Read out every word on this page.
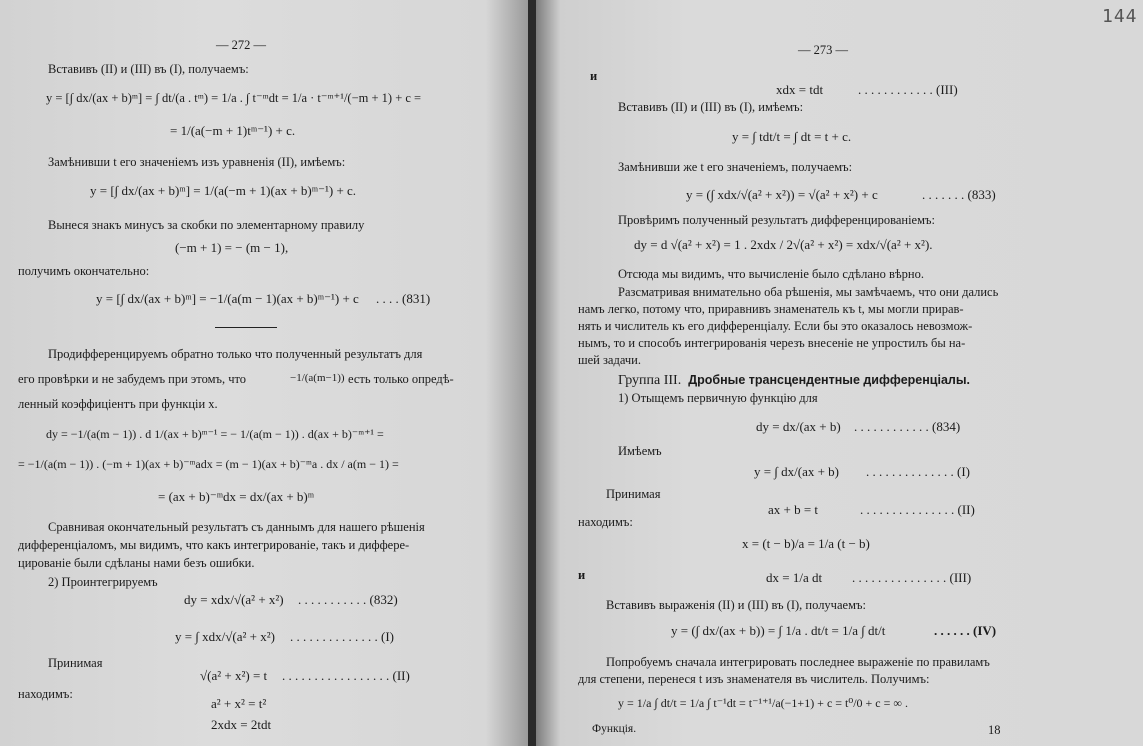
— 272 —
Вставивъ (II) и (III) въ (I), получаемъ:
y = [∫ dx/(ax + b)ᵐ] = ∫ dt/(a . tᵐ) = 1/a . ∫ t⁻ᵐdt = 1/a · t⁻ᵐ⁺¹/(−m + 1) + c =
= 1/(a(−m + 1)tᵐ⁻¹) + c.
Замѣнивши t его значеніемъ изъ уравненія (II), имѣемъ:
y = [∫ dx/(ax + b)ᵐ] = 1/(a(−m + 1)(ax + b)ᵐ⁻¹) + c.
Вынеся знакъ минусъ за скобки по элементарному правилу
(−m + 1) = − (m − 1),
получимъ окончательно:
y = [∫ dx/(ax + b)ᵐ] = −1/(a(m − 1)(ax + b)ᵐ⁻¹) + c . . . . (831)
Продифференцируемъ обратно только что полученный результатъ для
его провѣрки и не забудемъ при этомъ, что	−1/(a(m−1)) есть только опредѣ-
ленный коэффиціентъ при функціи x.
dy = −1/(a(m − 1)) . d 1/(ax + b)ᵐ⁻¹ = − 1/(a(m − 1)) . d(ax + b)⁻ᵐ⁺¹ =
= −1/(a(m − 1)) . (−m + 1)(ax + b)⁻ᵐadx = (m − 1)(ax + b)⁻ᵐa . dx / a(m − 1) =
= (ax + b)⁻ᵐdx = dx/(ax + b)ᵐ
Сравнивая окончательный результатъ съ даннымъ для нашего рѣшенія
дифференціаломъ, мы видимъ, что какъ интегрированіе, такъ и диффере-
цированіе были сдѣланы нами безъ ошибки.
2) Проинтегрируемъ
dy = xdx/√(a² + x²) . . . . . . . . . . . (832)
y = ∫ xdx/√(a² + x²) . . . . . . . . . . . . . . (I)
Принимая
√(a² + x²) = t . . . . . . . . . . . . . . . . . (II)
находимъ:
a² + x² = t²
2xdx = 2tdt
— 273 —
144
и
xdx = tdt	. . . . . . . . . . . . (III)
Вставивъ (II) и (III) въ (I), имѣемъ:
y = ∫ tdt/t = ∫ dt = t + c.
Замѣнивши же t его значеніемъ, получаемъ:
y = (∫ xdx/√(a² + x²)) = √(a² + x²) + c	. . . . . . . (833)
Провѣримъ полученный результатъ дифференцированіемъ:
dy = d √(a² + x²) = 1 . 2xdx / 2√(a² + x²) = xdx/√(a² + x²).
Отсюда мы видимъ, что вычисленіе было сдѣлано вѣрно.
Разсматривая внимательно оба рѣшенія, мы замѣчаемъ, что они дались
намъ легко, потому что, приравнивъ знаменатель къ t, мы могли прирав-
нять и числитель къ его дифференціалу. Если бы это оказалось невозмож-
нымъ, то и способъ интегрированія черезъ внесеніе не упростилъ бы на-
шей задачи.
Группа III. Дробные трансцендентные дифференціалы.
1) Отыщемъ первичную функцію для
dy = dx/(ax + b) . . . . . . . . . . . . (834)
Имѣемъ
y = ∫ dx/(ax + b) . . . . . . . . . . . . . . (I)
Принимая
ax + b = t	. . . . . . . . . . . . . . . (II)
находимъ:
x = (t − b)/a = 1/a (t − b)
и	dx = 1/a dt . . . . . . . . . . . . . . . (III)
Вставивъ выраженія (II) и (III) въ (I), получаемъ:
y = (∫ dx/(ax + b)) = ∫ 1/a . dt/t = 1/a ∫ dt/t	. . . . . . (IV)
Попробуемъ сначала интегрировать последнее выраженіе по правиламъ
для степени, перенеся t изъ знаменателя въ числитель. Получимъ:
y = 1/a ∫ dt/t = 1/a ∫ t⁻¹dt = t⁻¹⁺¹/a(−1+1) + c = t⁰/0 + c = ∞ .
Функція.	18
